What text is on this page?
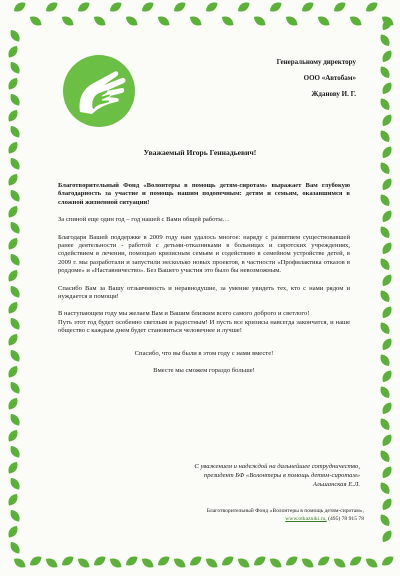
Генеральному директору
ООО «Автобам»
Жданову И. Г.
Уважаемый Игорь Геннадьевич!

Благотворительный Фонд «Волонтеры в помощь детям-сиротам» выражает Вам глубокую благодарность за участие и помощь нашим подопечным: детям и семьям, оказавшимся в сложной жизненной ситуации!

За спиной еще один год – год нашей с Вами общей работы…

Благодаря Вашей поддержке в 2009 году нам удалось многое: наряду с развитием существовавшей ранее деятельности - работой с детьми-отказниками в больницах и сиротских учреждениях, содействием в лечении, помощью кризисным семьям и содействию в семейном устройстве детей, в 2009 г. мы разработали и запустили несколько новых проектов, в частности «Профилактика отказов в роддоме» и «Наставничество». Без Вашего участия это было бы невозможным.

Спасибо Вам за Вашу отзывчивость и неравнодушие, за умение увидеть тех, кто с нами рядом и нуждается в помощи!

В наступающем году мы желаем Вам и Вашим близким всего самого доброго и светлого!

Путь этот год будет особенно светлым и радостным! И пусть все кризисы навсегда закончатся, и наше общество с каждым днем будет становиться человечнее и лучше!

Спасибо, что вы были в этом году с нами вместе!

Вместе мы сможем гораздо больше!

С уважением и надеждой на дальнейшее сотрудничество,
президент БФ «Волонтеры в помощь детям-сиротам»
Альшанская Е.Л.
Благотворительный Фонд «Волонтеры в помощь детям-сиротам»,
www.otkazniki.ru, (495) 78 915 78
